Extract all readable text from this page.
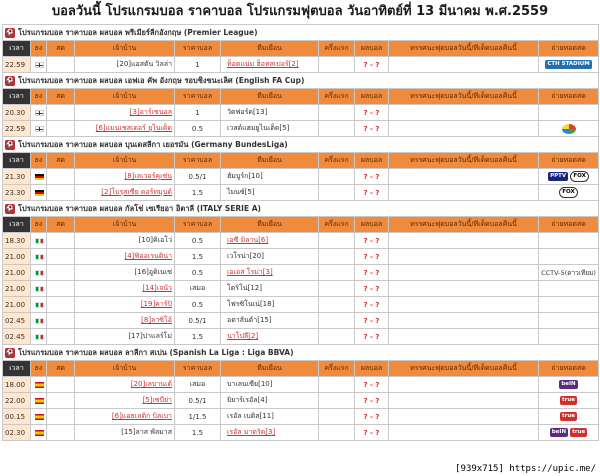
บอลวันนี้ โปรแกรมบอล ราคาบอล โปรแกรมฟุตบอล วันอาทิตย์ที่ 13 มีนาคม พ.ศ.2559
⚽ โปรแกรมบอล ราคาบอล ผลบอล พรีเมียร์ลีกอังกฤษ (Premier League)									
เวลา	ธง	สด	เจ้าบ้าน	ราคาบอล	ทีมเยือน	ครึ่งแรก	ผลบอล	ทรรศนะฟุตบอลวันนี้/ทีเด็ดบอลคืนนี้	ถ่ายทอดสด
22.59			[20]แอสตัน วิลล่า	1	ท็อตแน่ม ฮ็อทสเปอร์[2]		? - ?		CTH STADIUM
⚽ โปรแกรมบอล ราคาบอล ผลบอล เอฟเอ คัพ อังกฤษ รอบชิงชนะเลิศ (English FA Cup)									
เวลา	ธง	สด	เจ้าบ้าน	ราคาบอล	ทีมเยือน	ครึ่งแรก	ผลบอล	ทรรศนะฟุตบอลวันนี้/ทีเด็ดบอลคืนนี้	ถ่ายทอดสด
20.30			[3]อาร์เซนอล	1	วัตฟอร์ด[13]		? - ?		
22.59			[6]แมนเชสเตอร์ ยูไนเต็ด	0.5	เวสต์แฮมยูไนเต็ด[5]		? - ?		
⚽ โปรแกรมบอล ราคาบอล ผลบอล บุนเดสลีกา เยอรมัน (Germany BundesLiga)									
เวลา	ธง	สด	เจ้าบ้าน	ราคาบอล	ทีมเยือน	ครึ่งแรก	ผลบอล	ทรรศนะฟุตบอลวันนี้/ทีเด็ดบอลคืนนี้	ถ่ายทอดสด
21.30			[8]เลเวอร์คูเซ่น	0.5/1	ฮัมบูร์ก[10]		? - ?		PPTV FOX
23.30			[2]โบรุสเซีย ดอร์ทมุนด์	1.5	ไมนซ์[5]		? - ?		FOX
⚽ โปรแกรมบอล ราคาบอล ผลบอล กัลโช่ เซเรียอา อิตาลี (ITALY SERIE A)									
เวลา	ธง	สด	เจ้าบ้าน	ราคาบอล	ทีมเยือน	ครึ่งแรก	ผลบอล	ทรรศนะฟุตบอลวันนี้/ทีเด็ดบอลคืนนี้	ถ่ายทอดสด
18.30			[10]คิเอโว่	0.5	เอซี มิลาน[6]		? - ?		
21.00			[4]ฟิออเรนติน่า	1.5	เวโรน่า[20]		? - ?		
21.00			[16]อูดิเนเซ่	0.5	เอเอส โรม่า[3]		? - ?		CCTV-5(ดาวเทียม)
21.00			[14]เจนัว	เสมอ	โตริโน่[12]		? - ?		
21.00			[19]คาร์ปิ	0.5	โฟรซิโนเน่[18]		? - ?		
02.45			[8]ลาซิโอ้	0.5/1	อตาลันต้า[15]		? - ?		
02.45			[17]ปาแลร์โม่	1.5	นาโปลี[2]		? - ?		
⚽ โปรแกรมบอล ราคาบอล ผลบอล ลาลีกา สเปน (Spanish La Liga : Liga BBVA)									
เวลา	ธง	สด	เจ้าบ้าน	ราคาบอล	ทีมเยือน	ครึ่งแรก	ผลบอล	ทรรศนะฟุตบอลวันนี้/ทีเด็ดบอลคืนนี้	ถ่ายทอดสด
18.00			[20]เลบานเต้	เสมอ	บาเลนเซีย[10]		? - ?		beIN
22.00			[5]เซบีย่า	0.5/1	ยิยาร์เรอัล[4]		? - ?		true
00.15			[6]แอธเลติก บิลเบา	1/1.5	เรอัล เบติส[11]		? - ?		true
02.30			[15]ลาส พัลมาส	1.5	เรอัล มาดริด[3]		? - ?		beIN true
[939x715] https://upic.me/
